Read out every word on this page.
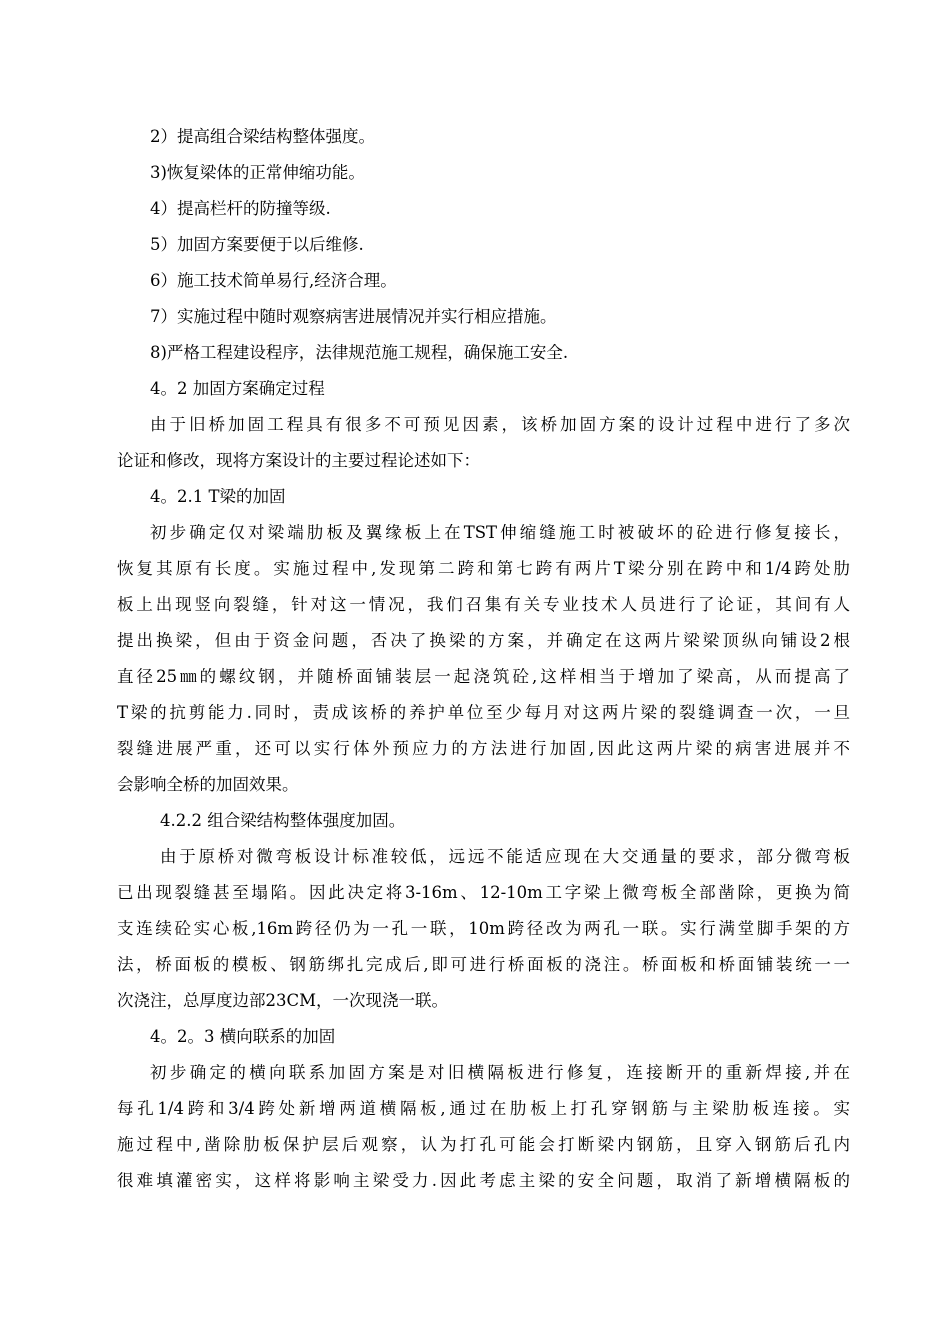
2）提高组合梁结构整体强度。
3)恢复梁体的正常伸缩功能。
4）提高栏杆的防撞等级.
5）加固方案要便于以后维修.
6）施工技术简单易行,经济合理。
7）实施过程中随时观察病害进展情况并实行相应措施。
8)严格工程建设程序，法律规范施工规程，确保施工安全.
4。2 加固方案确定过程
由于旧桥加固工程具有很多不可预见因素，该桥加固方案的设计过程中进行了多次
论证和修改，现将方案设计的主要过程论述如下：
4。2.1 T梁的加固
初步确定仅对梁端肋板及翼缘板上在TST伸缩缝施工时被破坏的砼进行修复接长，
恢复其原有长度。实施过程中,发现第二跨和第七跨有两片T梁分别在跨中和1/4跨处肋
板上出现竖向裂缝，针对这一情况，我们召集有关专业技术人员进行了论证，其间有人
提出换梁，但由于资金问题，否决了换梁的方案，并确定在这两片梁梁顶纵向铺设2根
直径25㎜的螺纹钢，并随桥面铺装层一起浇筑砼,这样相当于增加了梁高，从而提高了
T梁的抗剪能力.同时，责成该桥的养护单位至少每月对这两片梁的裂缝调查一次，一旦
裂缝进展严重，还可以实行体外预应力的方法进行加固,因此这两片梁的病害进展并不
会影响全桥的加固效果。
4.2.2 组合梁结构整体强度加固。
由于原桥对微弯板设计标准较低，远远不能适应现在大交通量的要求，部分微弯板
已出现裂缝甚至塌陷。因此决定将3-16m、12-10m工字梁上微弯板全部凿除，更换为简
支连续砼实心板,16m跨径仍为一孔一联，10m跨径改为两孔一联。实行满堂脚手架的方
法，桥面板的模板、钢筋绑扎完成后,即可进行桥面板的浇注。桥面板和桥面铺装统一一
次浇注，总厚度边部23CM，一次现浇一联。
4。2。3 横向联系的加固
初步确定的横向联系加固方案是对旧横隔板进行修复，连接断开的重新焊接,并在
每孔1/4跨和3/4跨处新增两道横隔板,通过在肋板上打孔穿钢筋与主梁肋板连接。实
施过程中,凿除肋板保护层后观察，认为打孔可能会打断梁内钢筋，且穿入钢筋后孔内
很难填灌密实，这样将影响主梁受力.因此考虑主梁的安全问题，取消了新增横隔板的
